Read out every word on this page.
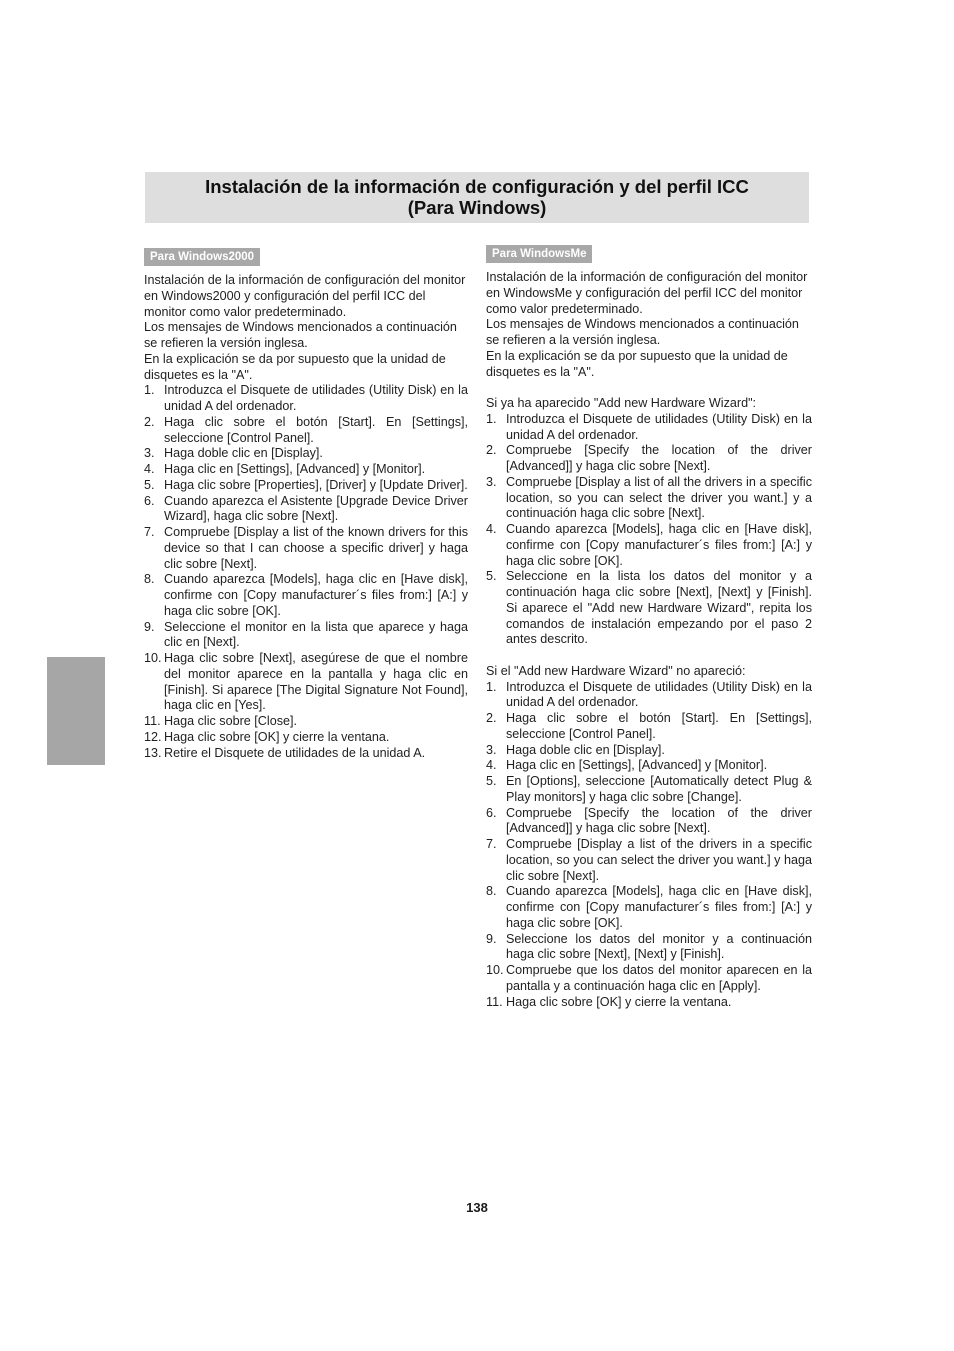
Instalación de la información de configuración y del perfil ICC
(Para Windows)
Para Windows2000

Instalación de la información de configuración del monitor en Windows2000 y configuración del perfil ICC del monitor como valor predeterminado.

Los mensajes de Windows mencionados a continuación se refieren la versión inglesa.

En la explicación se da por supuesto que la unidad de disquetes es la "A".

1. Introduzca el Disquete de utilidades (Utility Disk) en la unidad A del ordenador.
2. Haga clic sobre el botón [Start]. En [Settings], seleccione [Control Panel].
3. Haga doble clic en [Display].
4. Haga clic en [Settings], [Advanced] y [Monitor].
5. Haga clic sobre [Properties], [Driver] y [Update Driver].
6. Cuando aparezca el Asistente [Upgrade Device Driver Wizard], haga clic sobre [Next].
7. Compruebe [Display a list of the known drivers for this device so that I can choose a specific driver] y haga clic sobre [Next].
8. Cuando aparezca [Models], haga clic en [Have disk], confirme con [Copy manufacturer´s files from:] [A:] y haga clic sobre [OK].
9. Seleccione el monitor en la lista que aparece y haga clic en [Next].
10. Haga clic sobre [Next], asegúrese de que el nombre del monitor aparece en la pantalla y haga clic en [Finish]. Si aparece [The Digital Signature Not Found], haga clic en [Yes].
11. Haga clic sobre [Close].
12. Haga clic sobre [OK] y cierre la ventana.
13. Retire el Disquete de utilidades de la unidad A.
Para WindowsMe

Instalación de la información de configuración del monitor en WindowsMe y configuración del perfil ICC del monitor como valor predeterminado.

Los mensajes de Windows mencionados a continuación se refieren a la versión inglesa.

En la explicación se da por supuesto que la unidad de disquetes es la "A".

Si ya ha aparecido "Add new Hardware Wizard":

1. Introduzca el Disquete de utilidades (Utility Disk) en la unidad A del ordenador.
2. Compruebe [Specify the location of the driver [Advanced]] y haga clic sobre [Next].
3. Compruebe [Display a list of all the drivers in a specific location, so you can select the driver you want.] y a continuación haga clic sobre [Next].
4. Cuando aparezca [Models], haga clic en [Have disk], confirme con [Copy manufacturer´s files from:] [A:] y haga clic sobre [OK].
5. Seleccione en la lista los datos del monitor y a continuación haga clic sobre [Next], [Next] y [Finish]. Si aparece el "Add new Hardware Wizard", repita los comandos de instalación empezando por el paso 2 antes descrito.

Si el "Add new Hardware Wizard" no apareció:

1. Introduzca el Disquete de utilidades (Utility Disk) en la unidad A del ordenador.
2. Haga clic sobre el botón [Start]. En [Settings], seleccione [Control Panel].
3. Haga doble clic en [Display].
4. Haga clic en [Settings], [Advanced] y [Monitor].
5. En [Options], seleccione [Automatically detect Plug & Play monitors] y haga clic sobre [Change].
6. Compruebe [Specify the location of the driver [Advanced]] y haga clic sobre [Next].
7. Compruebe [Display a list of the drivers in a specific location, so you can select the driver you want.] y haga clic sobre [Next].
8. Cuando aparezca [Models], haga clic en [Have disk], confirme con [Copy manufacturer´s files from:] [A:] y haga clic sobre [OK].
9. Seleccione los datos del monitor y a continuación haga clic sobre [Next], [Next] y [Finish].
10. Compruebe que los datos del monitor aparecen en la pantalla y a continuación haga clic en [Apply].
11. Haga clic sobre [OK] y cierre la ventana.
138
